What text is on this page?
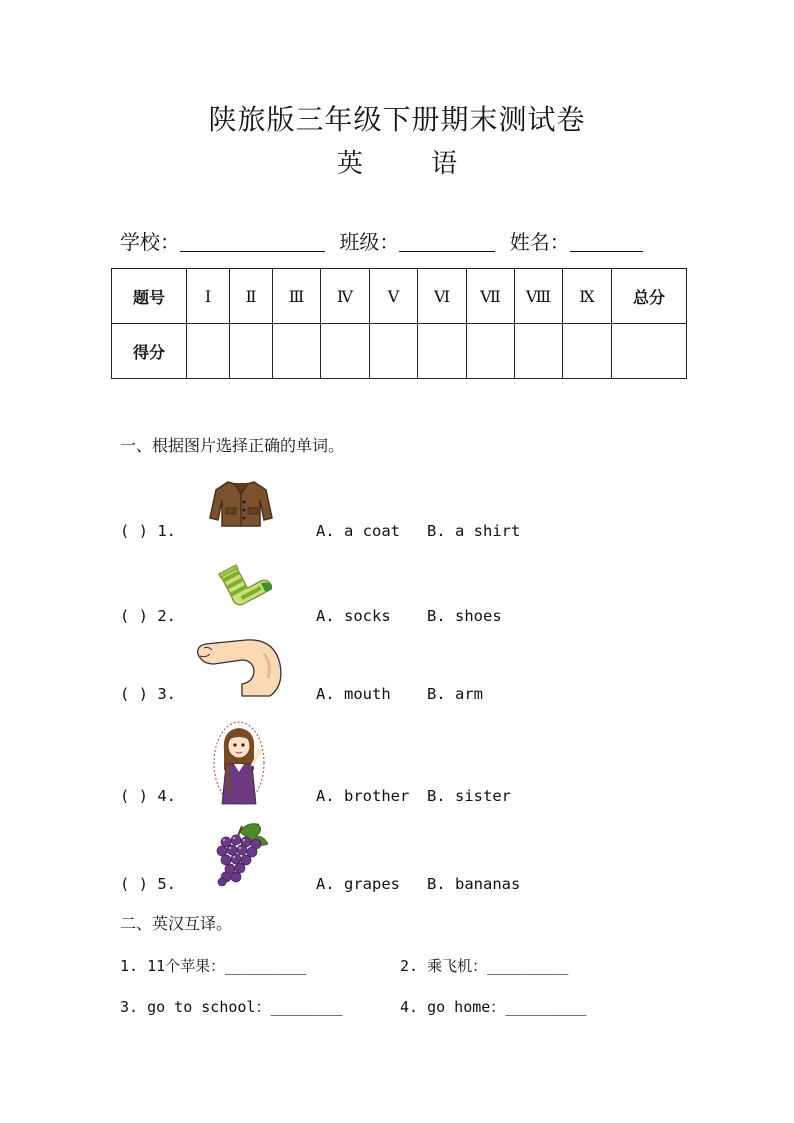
陕旅版三年级下册期末测试卷
英 语
学校：	班级：	姓名：
题号	Ⅰ	Ⅱ	Ⅲ	Ⅳ	Ⅴ	Ⅵ	Ⅶ	Ⅷ	Ⅸ	总分
得分										
一、根据图片选择正确的单词。
( ) 1.	A. a coat B. a shirt
( ) 2.	A. socks B. shoes
( ) 3.	A. mouth B. arm
( ) 4.	A. brother B. sister
( ) 5.	A. grapes B. bananas
二、英汉互译。
1. 11个苹果：_________	2. 乘飞机：_________
3. go to school：________	4. go home：_________
